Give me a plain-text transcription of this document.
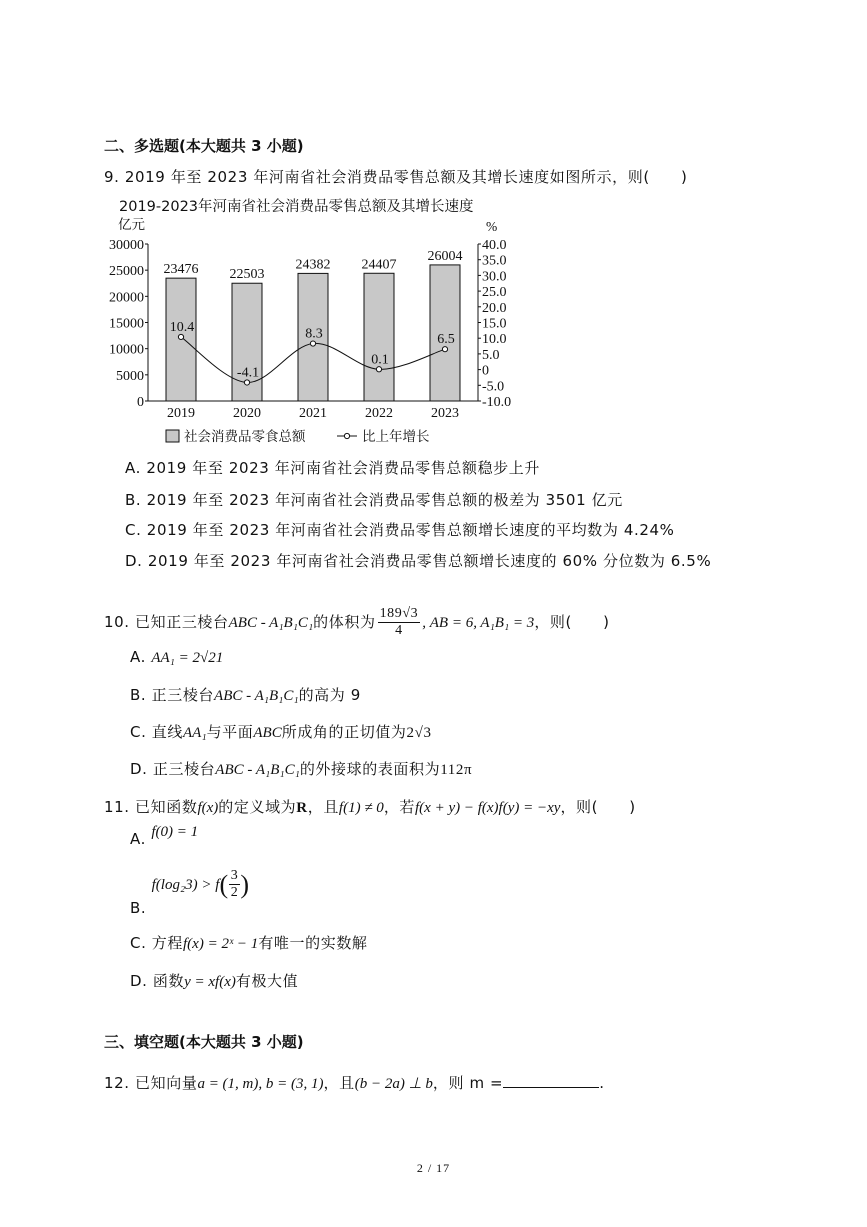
二、多选题(本大题共 3 小题)
9. 2019 年至 2023 年河南省社会消费品零售总额及其增长速度如图所示，则(　　)
2019-2023年河南省社会消费品零售总额及其增长速度
亿元	%
0
5000
10000
15000
20000
25000
30000
-10.0
-5.0
0
5.0
10.0
15.0
20.0
25.0
30.0
35.0
40.0
2019	2020	2021	2022	2023
23476 22503
24382 24407
26004
10.4
-4.1
8.3
0.1
6.5
社会消费品零食总额	比上年增长
A. 2019 年至 2023 年河南省社会消费品零售总额稳步上升
B. 2019 年至 2023 年河南省社会消费品零售总额的极差为 3501 亿元
C. 2019 年至 2023 年河南省社会消费品零售总额增长速度的平均数为 4.24%
D. 2019 年至 2023 年河南省社会消费品零售总额增长速度的 60% 分位数为 6.5%
10. 已知正三棱台ABC - A₁B₁C₁的体积为 $\frac{189√3}{4}$ , AB = 6, A₁B₁ = 3，则(　　)
A. AA₁ = 2√21
B. 正三棱台ABC - A₁B₁C₁的高为 9
C. 直线AA₁与平面ABC所成角的正切值为2√3
D. 正三棱台ABC - A₁B₁C₁的外接球的表面积为112π
11. 已知函数f(x)的定义域为R，且f(1) ≠ 0，若f(x + y) − f(x)f(y) = −xy，则(　　)
A. f(0) = 1
B. $f(\log_23) > f( \frac{3}{2}$ )
C. 方程f(x) = 2ˣ − 1有唯一的实数解
D. 函数y = xf(x)有极大值
三、填空题(本大题共 3 小题)
12. 已知向量a = (1, m), b = (3, 1)，且(b − 2a) ⊥ b，则 m =	.
2 / 17
